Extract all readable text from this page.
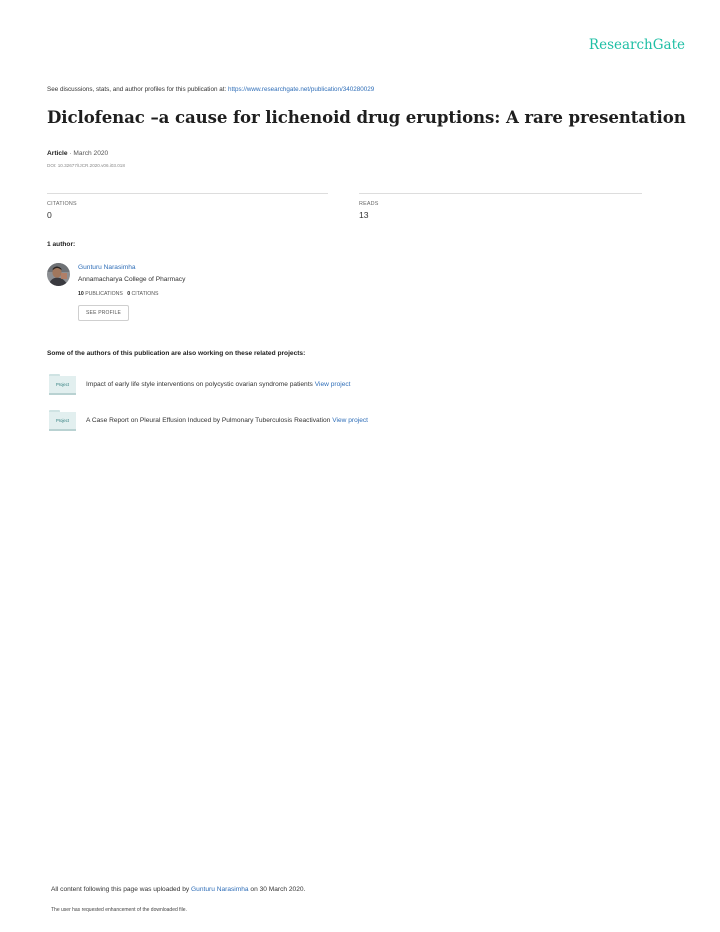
ResearchGate
See discussions, stats, and author profiles for this publication at: https://www.researchgate.net/publication/340280029
Diclofenac –a cause for lichenoid drug eruptions: A rare presentation
Article · March 2020
DOI: 10.32677/IJCR.2020.v06.i03.018
CITATIONS
0
READS
13
1 author:
Gunturu Narasimha
Annamacharya College of Pharmacy
10 PUBLICATIONS 0 CITATIONS
SEE PROFILE
Some of the authors of this publication are also working on these related projects:
Project	Impact of early life style interventions on polycystic ovarian syndrome patients View project
Project	A Case Report on Pleural Effusion Induced by Pulmonary Tuberculosis Reactivation View project
All content following this page was uploaded by Gunturu Narasimha on 30 March 2020.
The user has requested enhancement of the downloaded file.
